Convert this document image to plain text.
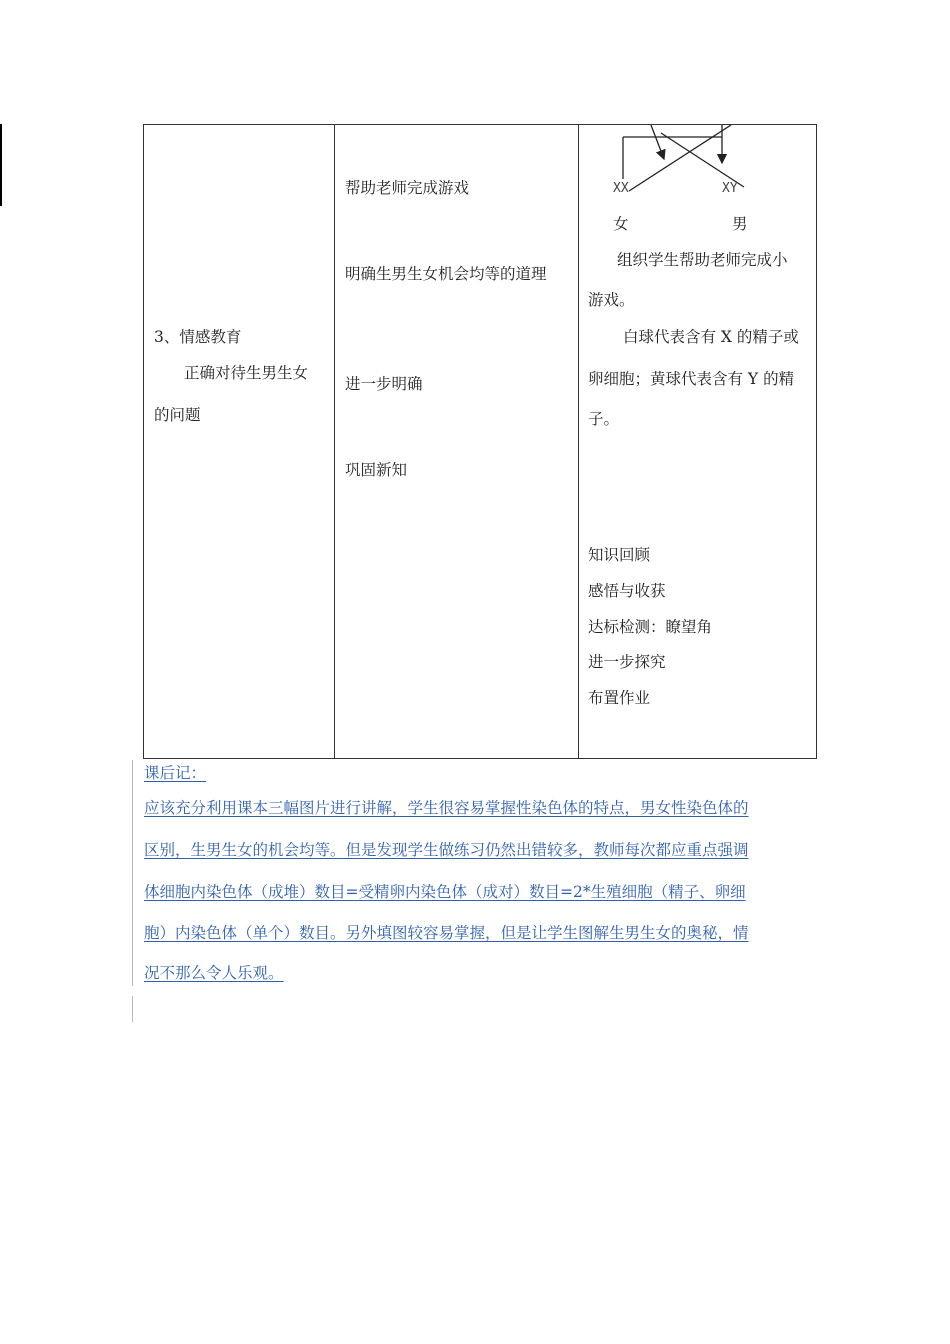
3、情感教育
正确对待生男生女
的问题

帮助老师完成游戏
明确生男生女机会均等的道理
进一步明确
巩固新知

XX	XY
女	男
组织学生帮助老师完成小
游戏。
白球代表含有 X 的精子或
卵细胞；黄球代表含有 Y 的精
子。
知识回顾
感悟与收获
达标检测：瞭望角
进一步探究
布置作业
课后记：
应该充分利用课本三幅图片进行讲解，学生很容易掌握性染色体的特点，男女性染色体的
区别，生男生女的机会均等。但是发现学生做练习仍然出错较多，教师每次都应重点强调
体细胞内染色体（成堆）数目=受精卵内染色体（成对）数目=2*生殖细胞（精子、卵细
胞）内染色体（单个）数目。另外填图较容易掌握，但是让学生图解生男生女的奥秘，情
况不那么令人乐观。
